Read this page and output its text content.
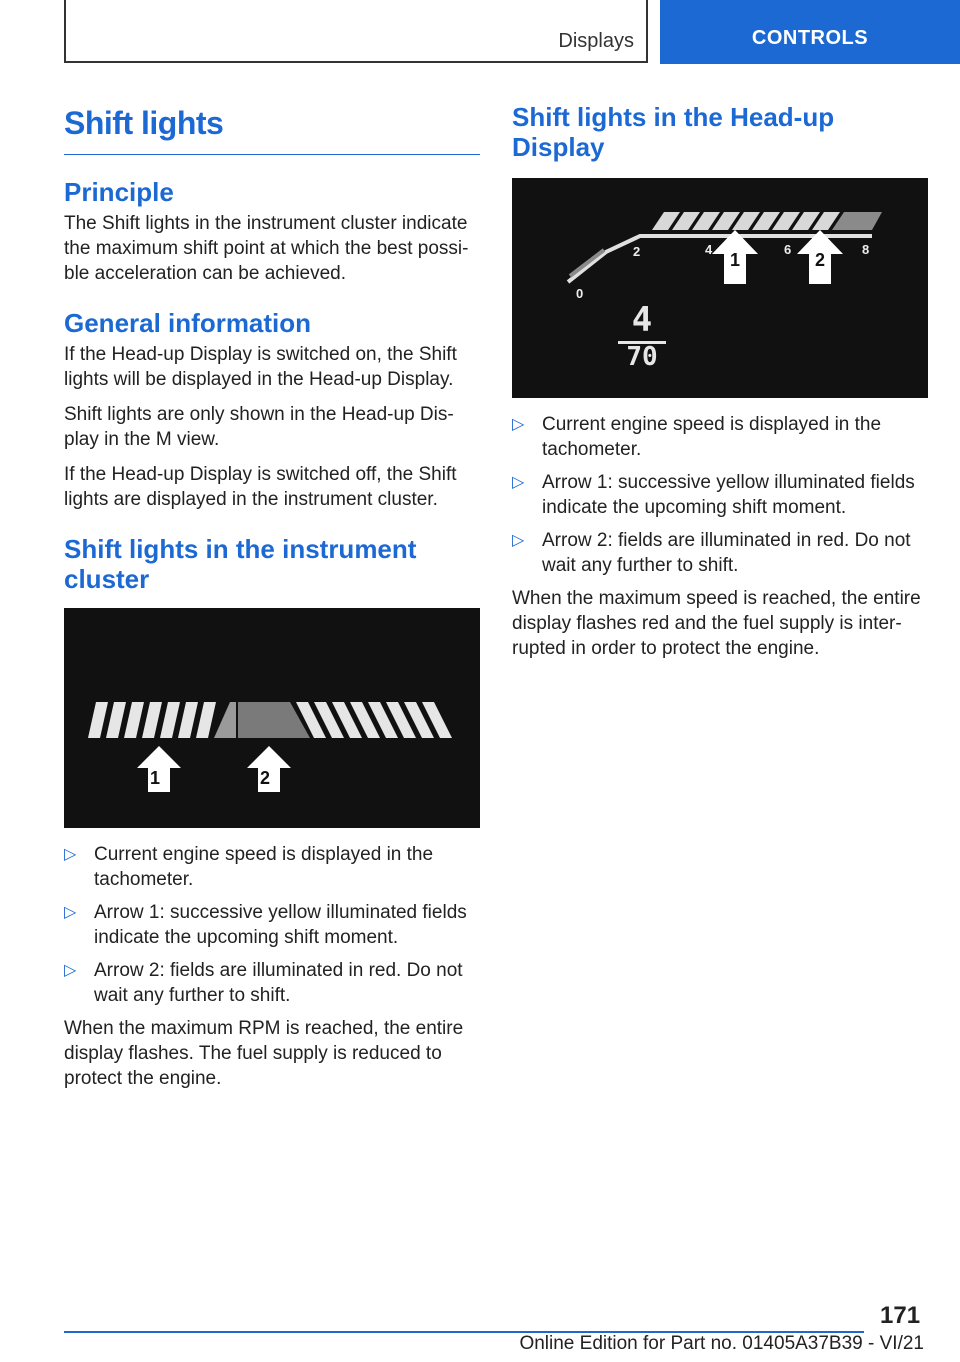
Displays	CONTROLS
Shift lights
Principle

The Shift lights in the instrument cluster indicate the maximum shift point at which the best possi‐ ble acceleration can be achieved.

General information

If the Head-up Display is switched on, the Shift lights will be displayed in the Head-up Display.

Shift lights are only shown in the Head-up Dis‐ play in the M view.

If the Head-up Display is switched off, the Shift lights are displayed in the instrument cluster.

Shift lights in the instrument cluster
1	2
▷ Current engine speed is displayed in the tachometer.
▷ Arrow 1: successive yellow illuminated fields indicate the upcoming shift moment.
▷ Arrow 2: fields are illuminated in red. Do not wait any further to shift.

When the maximum RPM is reached, the entire display flashes. The fuel supply is reduced to protect the engine.

Shift lights in the Head-up Display
0
2	4	6	8
1	2
4
70
▷ Current engine speed is displayed in the tachometer.
▷ Arrow 1: successive yellow illuminated fields indicate the upcoming shift moment.
▷ Arrow 2: fields are illuminated in red. Do not wait any further to shift.

When the maximum speed is reached, the entire display flashes red and the fuel supply is inter‐ rupted in order to protect the engine.

171
Online Edition for Part no. 01405A37B39 - VI/21
